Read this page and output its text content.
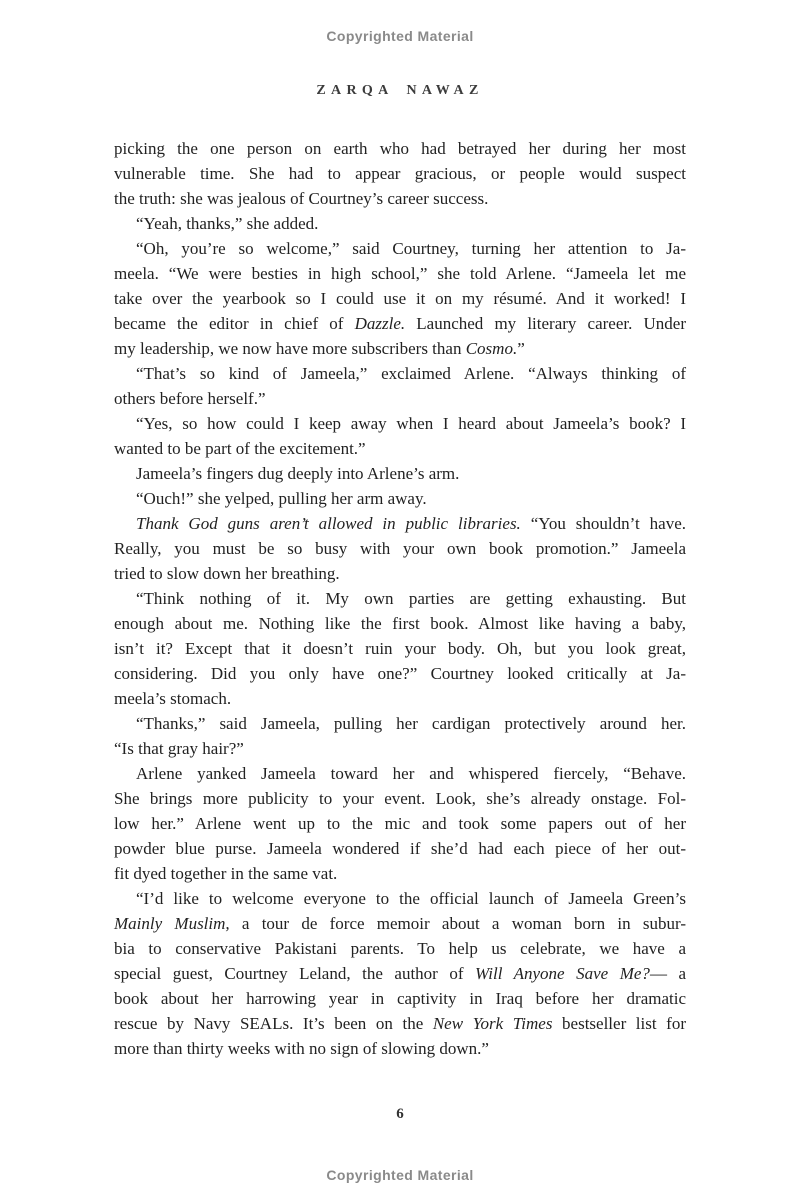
Copyrighted Material
ZARQA NAWAZ
picking the one person on earth who had betrayed her during her most
vulnerable time. She had to appear gracious, or people would suspect
the truth: she was jealous of Courtney’s career success.
“Yeah, thanks,” she added.
“Oh, you’re so welcome,” said Courtney, turning her attention to Ja-
meela. “We were besties in high school,” she told Arlene. “Jameela let me
take over the yearbook so I could use it on my résumé. And it worked! I
became the editor in chief of Dazzle. Launched my literary career. Under
my leadership, we now have more subscribers than Cosmo.”
“That’s so kind of Jameela,” exclaimed Arlene. “Always thinking of
others before herself.”
“Yes, so how could I keep away when I heard about Jameela’s book? I
wanted to be part of the excitement.”
Jameela’s fingers dug deeply into Arlene’s arm.
“Ouch!” she yelped, pulling her arm away.
Thank God guns aren’t allowed in public libraries. “You shouldn’t have.
Really, you must be so busy with your own book promotion.” Jameela
tried to slow down her breathing.
“Think nothing of it. My own parties are getting exhausting. But
enough about me. Nothing like the first book. Almost like having a baby,
isn’t it? Except that it doesn’t ruin your body. Oh, but you look great,
considering. Did you only have one?” Courtney looked critically at Ja-
meela’s stomach.
“Thanks,” said Jameela, pulling her cardigan protectively around her.
“Is that gray hair?”
Arlene yanked Jameela toward her and whispered fiercely, “Behave.
She brings more publicity to your event. Look, she’s already onstage. Fol-
low her.” Arlene went up to the mic and took some papers out of her
powder blue purse. Jameela wondered if she’d had each piece of her out-
fit dyed together in the same vat.
“I’d like to welcome everyone to the official launch of Jameela Green’s
Mainly Muslim, a tour de force memoir about a woman born in subur-
bia to conservative Pakistani parents. To help us celebrate, we have a
special guest, Courtney Leland, the author of Will Anyone Save Me?— a
book about her harrowing year in captivity in Iraq before her dramatic
rescue by Navy SEALs. It’s been on the New York Times bestseller list for
more than thirty weeks with no sign of slowing down.”
6
Copyrighted Material
